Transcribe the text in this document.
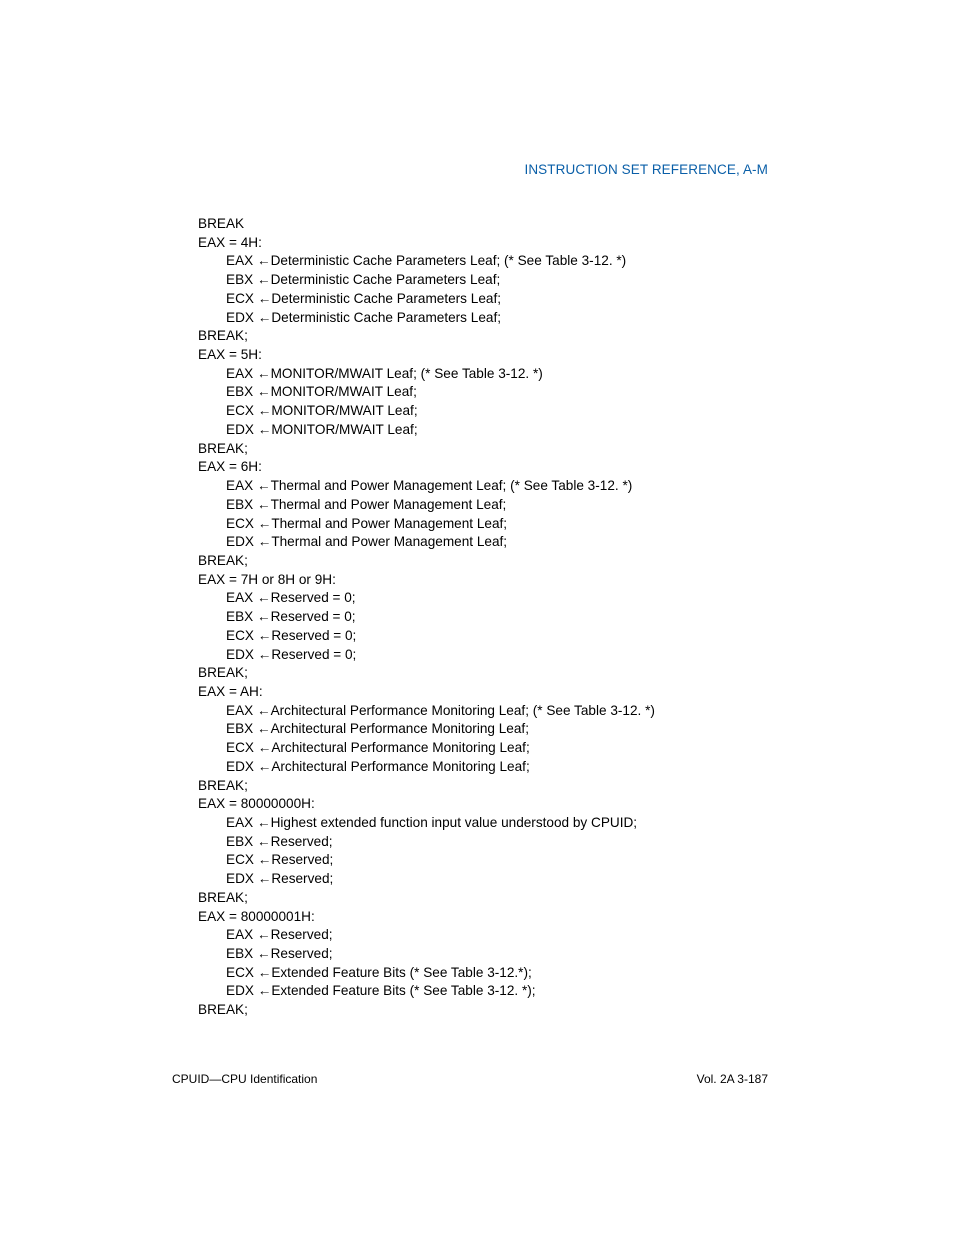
INSTRUCTION SET REFERENCE, A-M
BREAK
EAX = 4H:
EAX ←Deterministic Cache Parameters Leaf; (* See Table 3-12. *)
EBX ←Deterministic Cache Parameters Leaf;
ECX ←Deterministic Cache Parameters Leaf;
EDX ←Deterministic Cache Parameters Leaf;
BREAK;
EAX = 5H:
EAX ←MONITOR/MWAIT Leaf; (* See Table 3-12. *)
EBX ←MONITOR/MWAIT Leaf;
ECX ←MONITOR/MWAIT Leaf;
EDX ←MONITOR/MWAIT Leaf;
BREAK;
EAX = 6H:
EAX ←Thermal and Power Management Leaf; (* See Table 3-12. *)
EBX ←Thermal and Power Management Leaf;
ECX ←Thermal and Power Management Leaf;
EDX ←Thermal and Power Management Leaf;
BREAK;
EAX = 7H or 8H or 9H:
EAX ←Reserved = 0;
EBX ←Reserved = 0;
ECX ←Reserved = 0;
EDX ←Reserved = 0;
BREAK;
EAX = AH:
EAX ←Architectural Performance Monitoring Leaf; (* See Table 3-12. *)
EBX ←Architectural Performance Monitoring Leaf;
ECX ←Architectural Performance Monitoring Leaf;
EDX ←Architectural Performance Monitoring Leaf;
BREAK;
EAX = 80000000H:
EAX ←Highest extended function input value understood by CPUID;
EBX ←Reserved;
ECX ←Reserved;
EDX ←Reserved;
BREAK;
EAX = 80000001H:
EAX ←Reserved;
EBX ←Reserved;
ECX ←Extended Feature Bits (* See Table 3-12.*);
EDX ←Extended Feature Bits (* See Table 3-12. *);
BREAK;
CPUID—CPU Identification	Vol. 2A 3-187
